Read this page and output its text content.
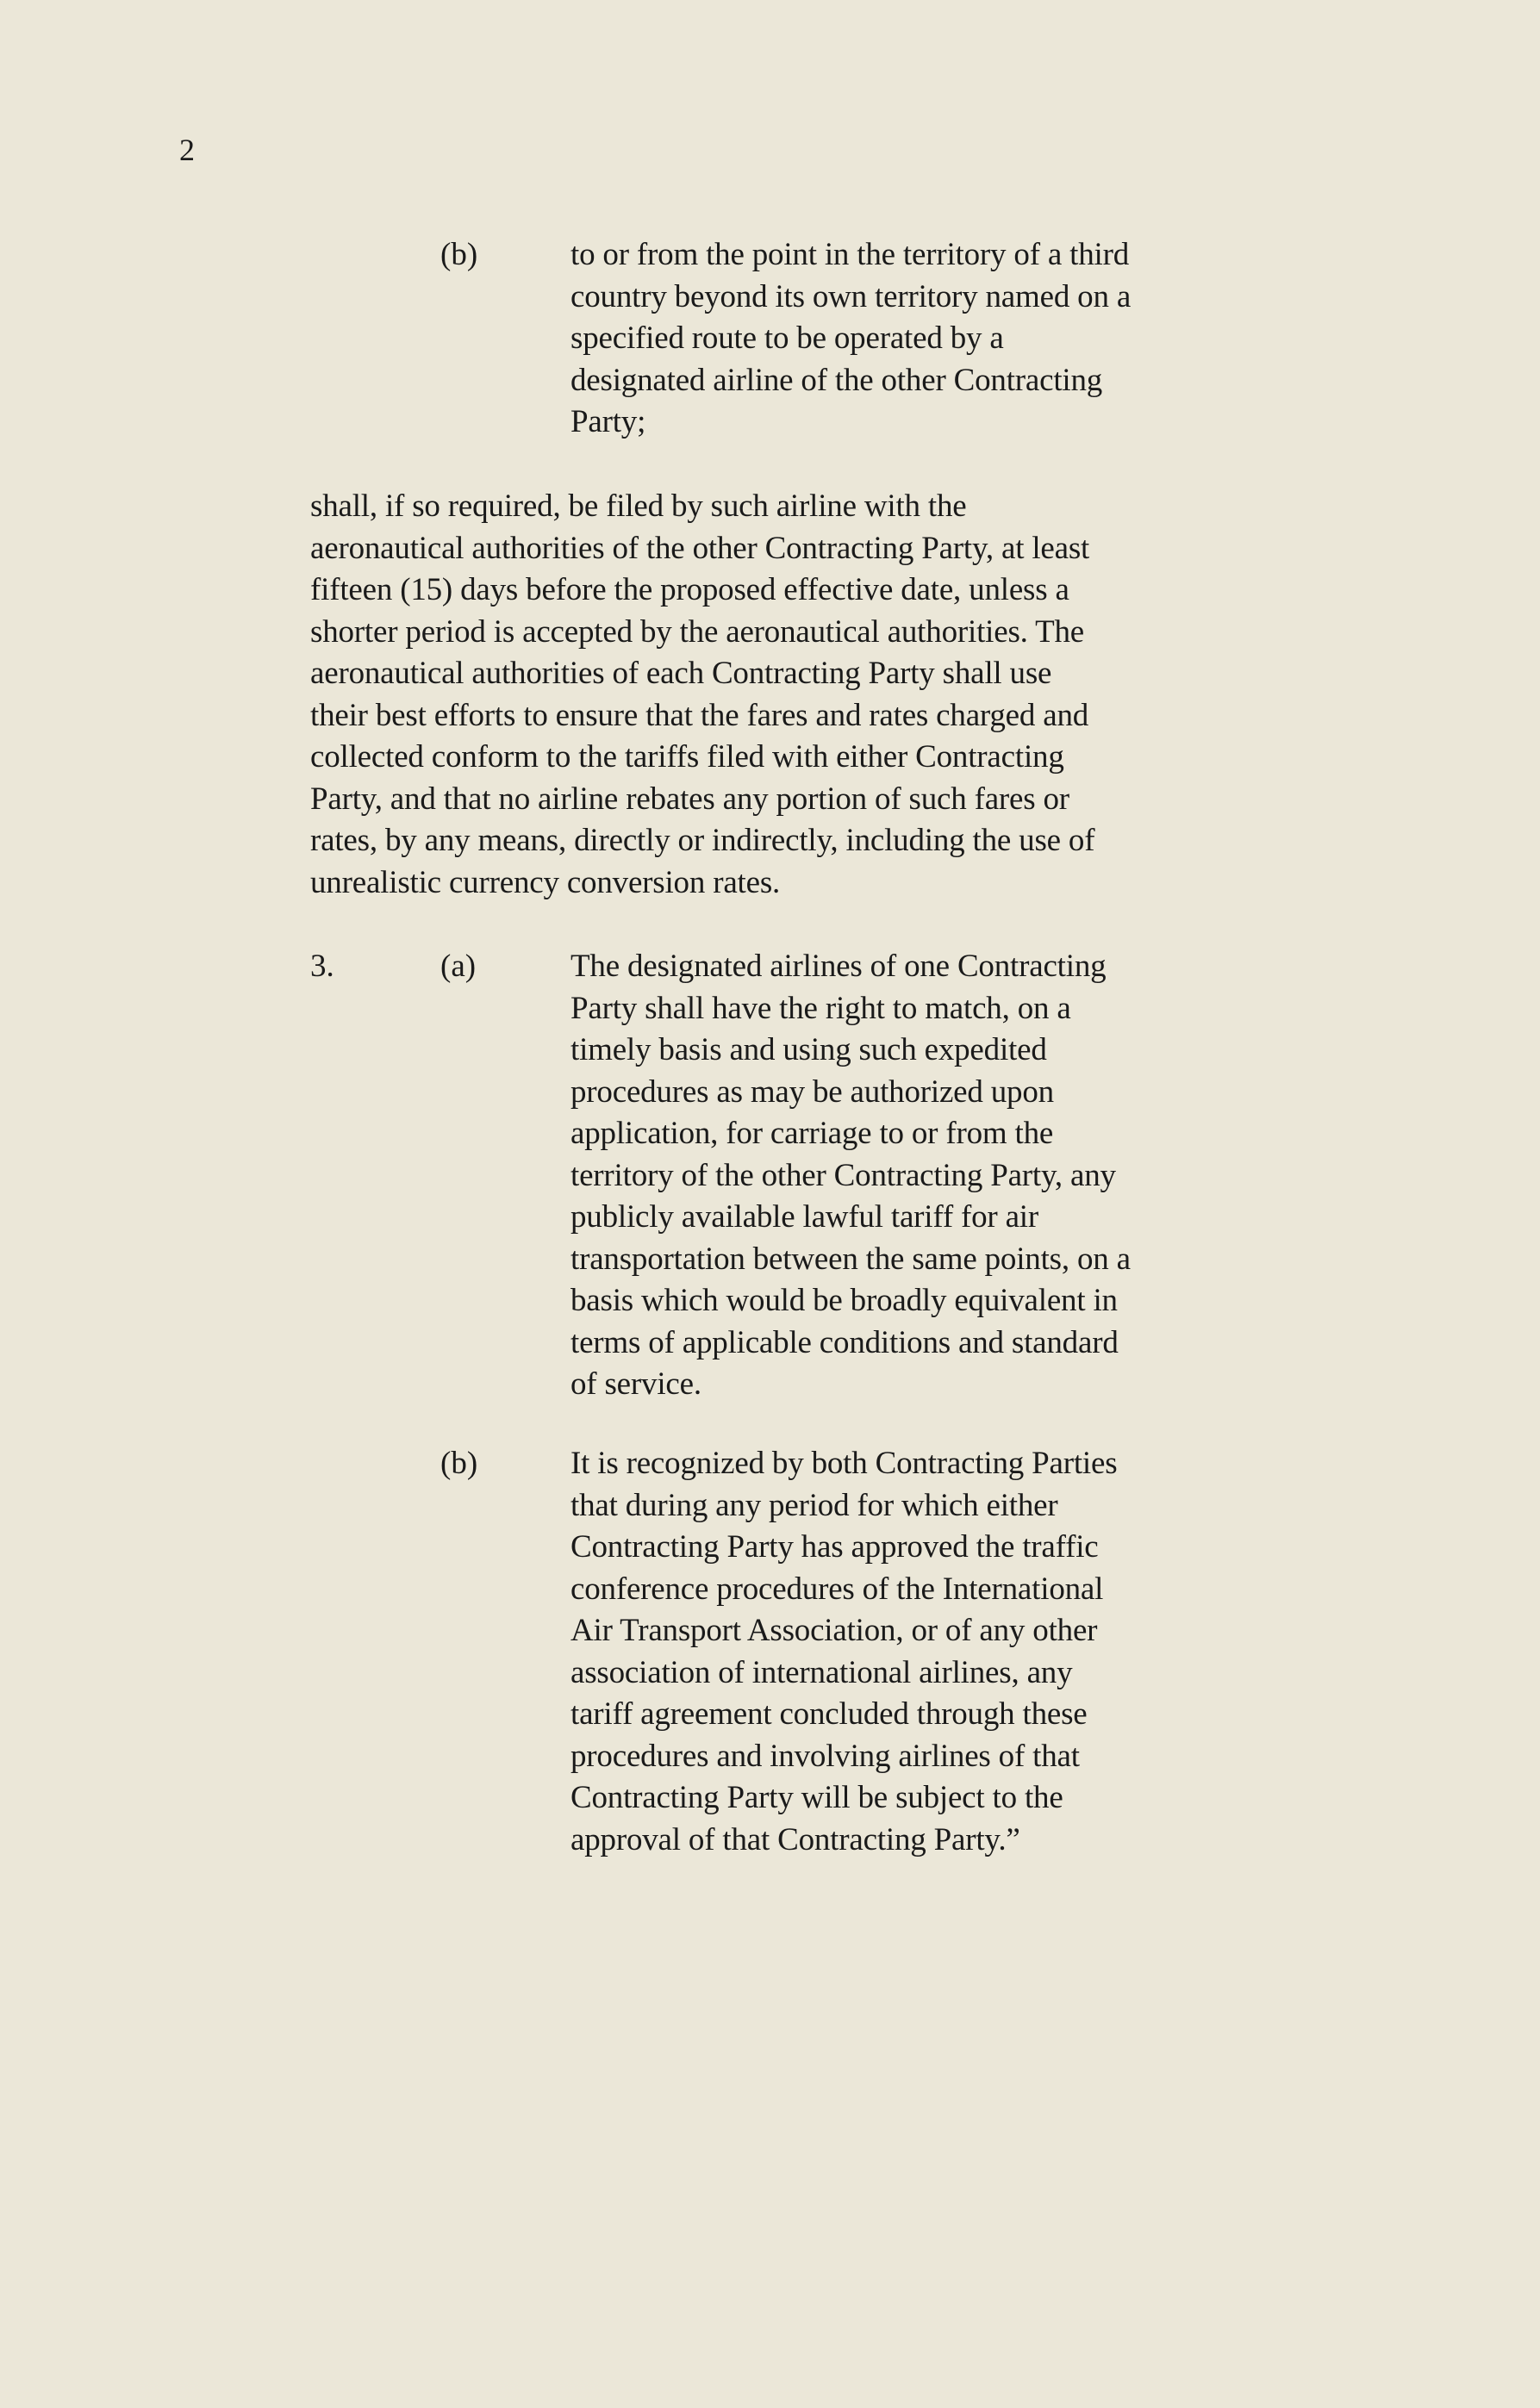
2
(b)	to or from the point in the territory of a third
country beyond its own territory named on a
specified route to be operated by a
designated airline of the other Contracting
Party;
shall, if so required, be filed by such airline with the
aeronautical authorities of the other Contracting Party, at least
fifteen (15) days before the proposed effective date, unless a
shorter period is accepted by the aeronautical authorities. The
aeronautical authorities of each Contracting Party shall use
their best efforts to ensure that the fares and rates charged and
collected conform to the tariffs filed with either Contracting
Party, and that no airline rebates any portion of such fares or
rates, by any means, directly or indirectly, including the use of
unrealistic currency conversion rates.
3.	(a)	The designated airlines of one Contracting
Party shall have the right to match, on a
timely basis and using such expedited
procedures as may be authorized upon
application, for carriage to or from the
territory of the other Contracting Party, any
publicly available lawful tariff for air
transportation between the same points, on a
basis which would be broadly equivalent in
terms of applicable conditions and standard
of service.
(b)	It is recognized by both Contracting Parties
that during any period for which either
Contracting Party has approved the traffic
conference procedures of the International
Air Transport Association, or of any other
association of international airlines, any
tariff agreement concluded through these
procedures and involving airlines of that
Contracting Party will be subject to the
approval of that Contracting Party.”
